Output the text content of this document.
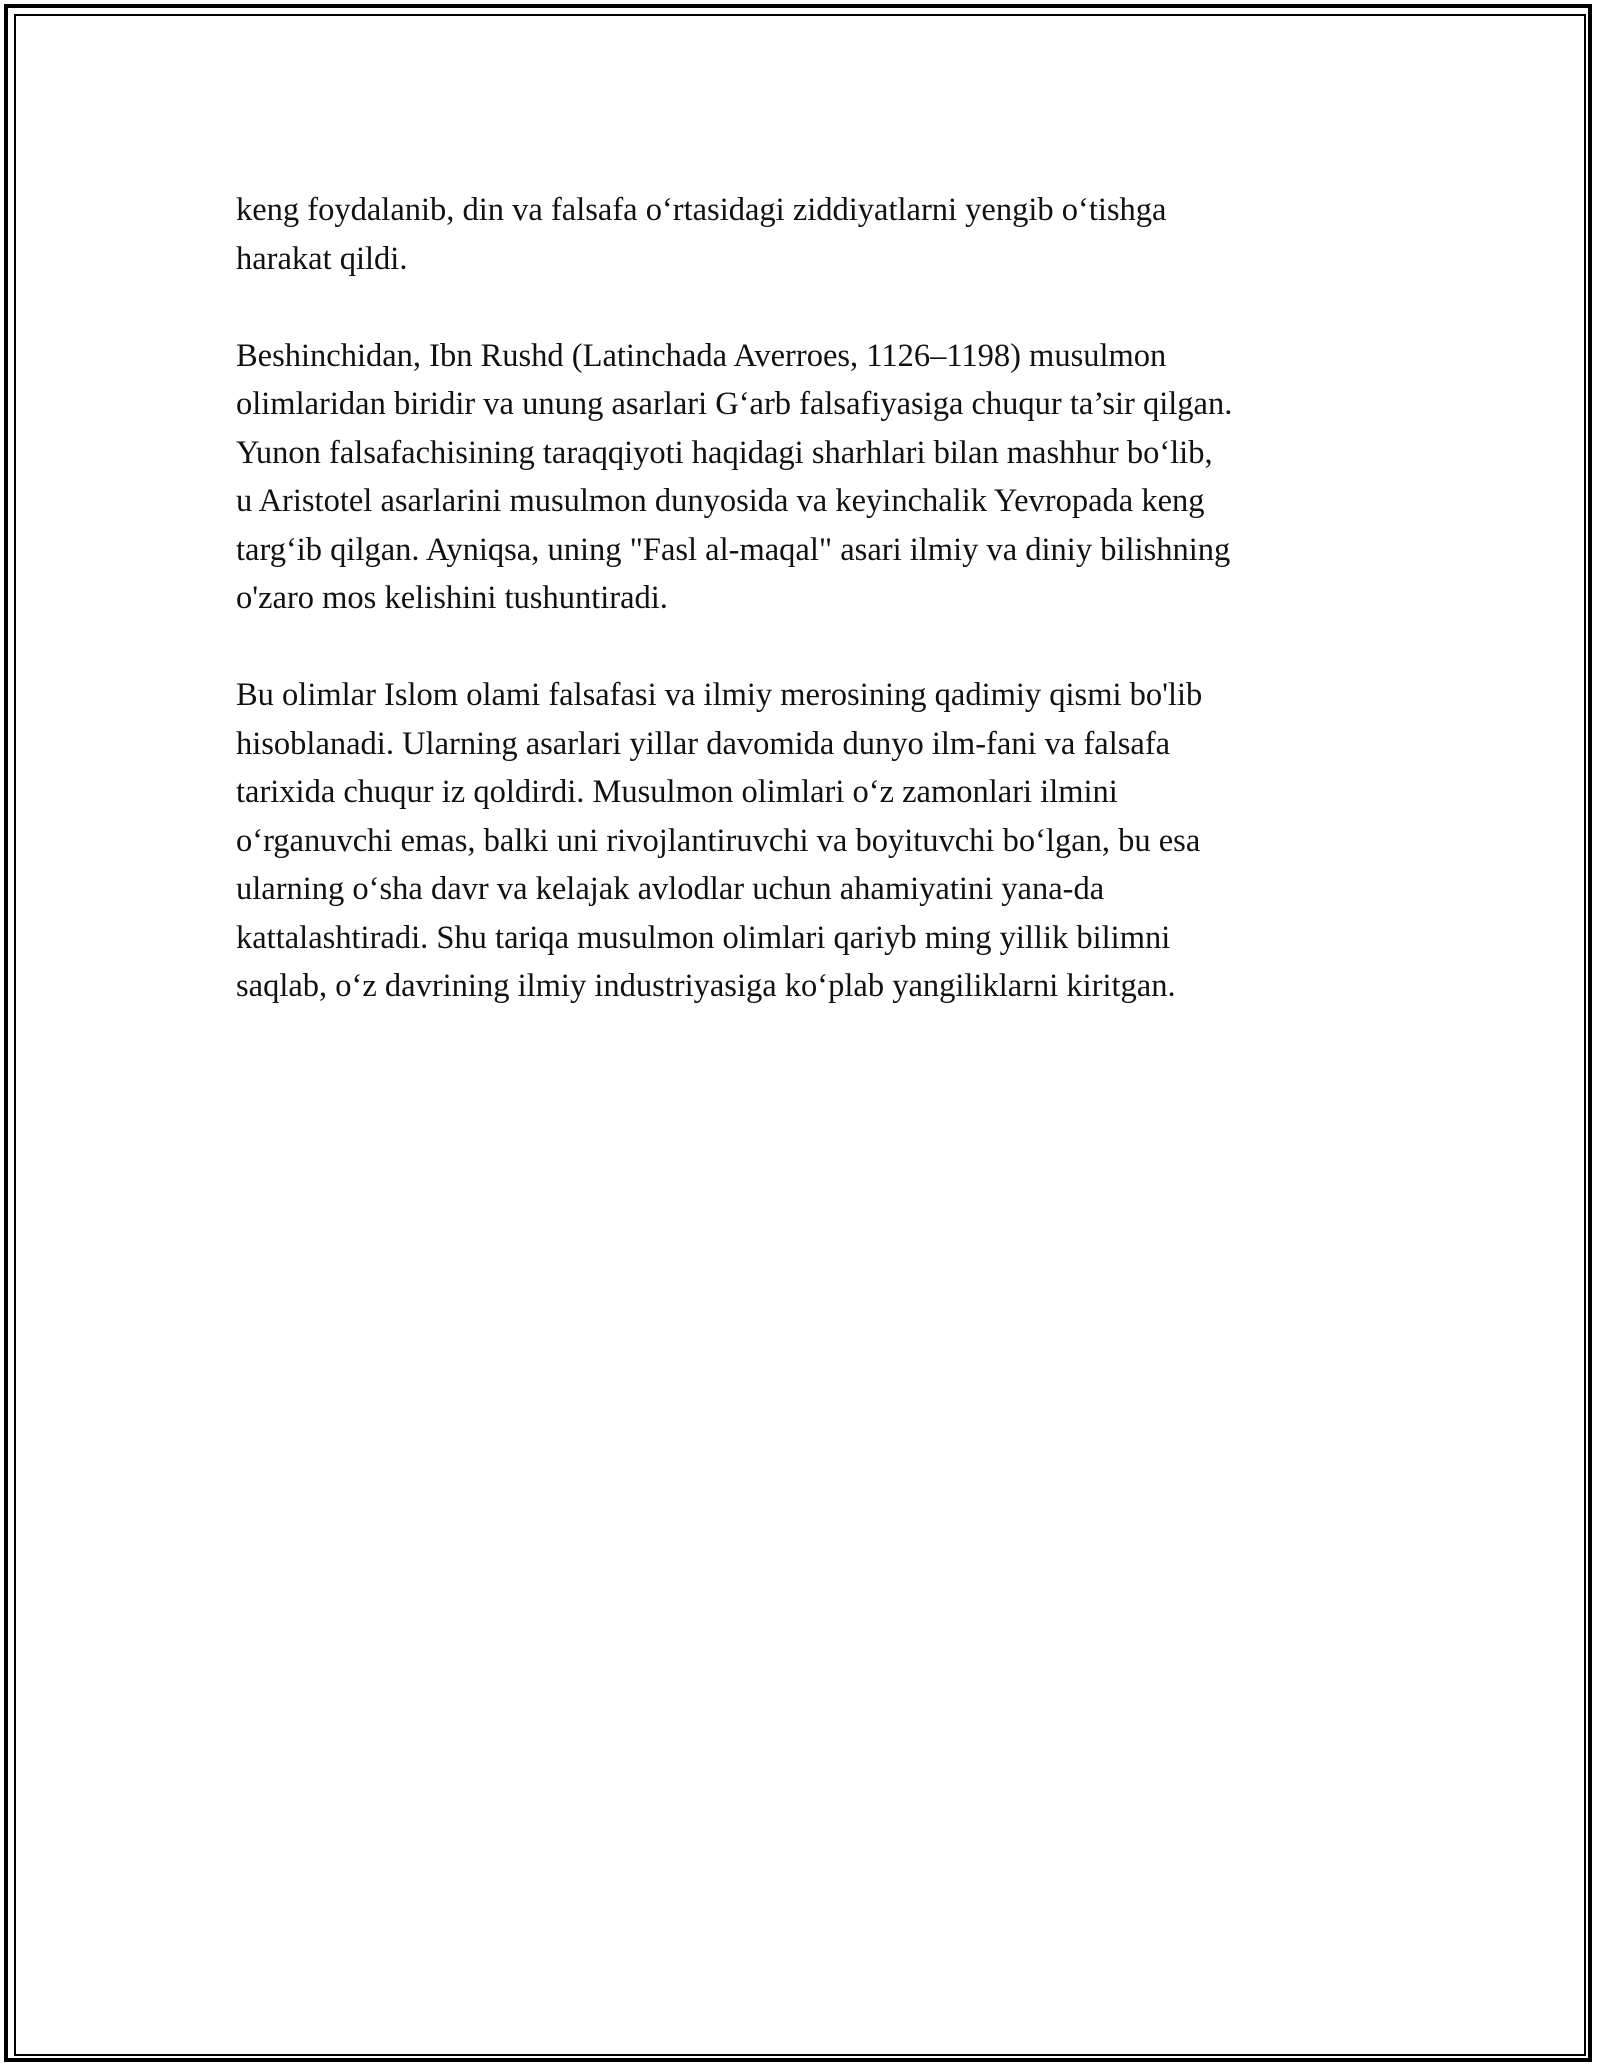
keng foydalanib, din va falsafa o‘rtasidagi ziddiyatlarni yengib o‘tishga
harakat qildi.

Beshinchidan, Ibn Rushd (Latinchada Averroes, 1126–1198) musulmon
olimlaridan biridir va unung asarlari G‘arb falsafiyasiga chuqur ta’sir qilgan.
Yunon falsafachisining taraqqiyoti haqidagi sharhlari bilan mashhur bo‘lib,
u Aristotel asarlarini musulmon dunyosida va keyinchalik Yevropada keng
targ‘ib qilgan. Ayniqsa, uning "Fasl al-maqal" asari ilmiy va diniy bilishning
o'zaro mos kelishini tushuntiradi.

Bu olimlar Islom olami falsafasi va ilmiy merosining qadimiy qismi bo'lib
hisoblanadi. Ularning asarlari yillar davomida dunyo ilm-fani va falsafa
tarixida chuqur iz qoldirdi. Musulmon olimlari o‘z zamonlari ilmini
o‘rganuvchi emas, balki uni rivojlantiruvchi va boyituvchi bo‘lgan, bu esa
ularning o‘sha davr va kelajak avlodlar uchun ahamiyatini yana-da
kattalashtiradi. Shu tariqa musulmon olimlari qariyb ming yillik bilimni
saqlab, o‘z davrining ilmiy industriyasiga ko‘plab yangiliklarni kiritgan.
